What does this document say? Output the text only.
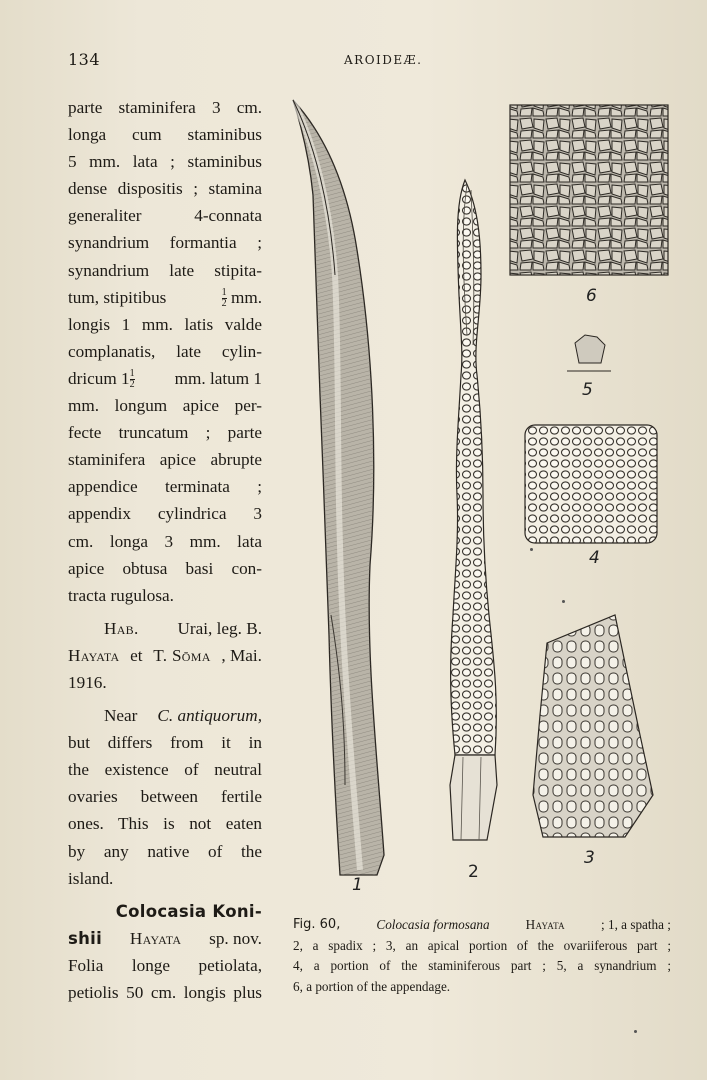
134	AROIDEÆ.
parte staminifera 3 cm.
longa cum staminibus
5 mm. lata ; staminibus
dense dispositis ; stamina
generaliter 4-connata
synandrium formantia ;
synandrium late stipita-
tum, stipitibus	$\frac{1}{2}$ mm.
longis 1 mm. latis valde
complanatis, late cylin-
dricum $1 \frac{1}{2}$ mm. latum 1
mm. longum apice per-
fecte truncatum ; parte
staminifera apice abrupte
appendice terminata ;
appendix cylindrica 3
cm. longa 3 mm. lata
apice obtusa basi con-
tracta rugulosa.
Hab. Urai, leg. B.
Hayata et T. Sōma , Mai.
1916.
Near C. antiquorum,
but differs from it in
the existence of neutral
ovaries between fertile
ones. This is not eaten
by any native of the
island.
Colocasia Koni-
shii Hayata sp. nov.
Folia longe petiolata,
petiolis 50 cm. longis plus
1
2
3
4
5
6
Fig. 60,	Colocasia formosana	Hayata	; 1, a spatha ;
2, a spadix ; 3, an apical portion of the ovariiferous part ;
4, a portion of the staminiferous part ; 5, a synandrium ;
6, a portion of the appendage.
